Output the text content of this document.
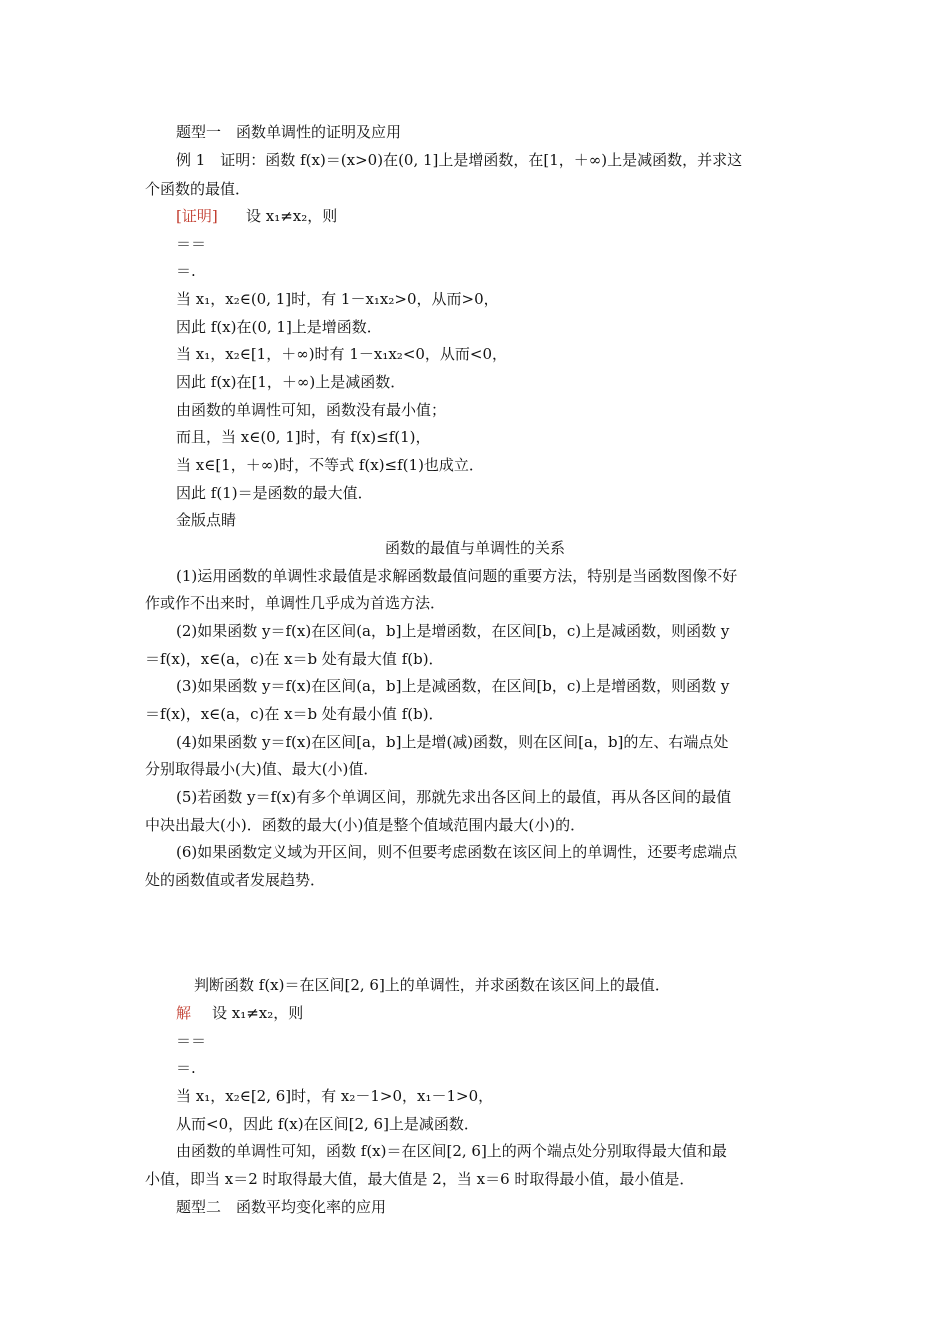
题型一　函数单调性的证明及应用
例 1　证明：函数 f(x)＝(x>0)在(0, 1]上是增函数，在[1，＋∞)上是减函数，并求这
个函数的最值．
[证明] 设 x₁≠x₂，则
＝＝
＝.
当 x₁，x₂∈(0, 1]时，有 1－x₁x₂>0，从而>0，
因此 f(x)在(0, 1]上是增函数．
当 x₁，x₂∈[1，＋∞)时有 1－x₁x₂<0，从而<0，
因此 f(x)在[1，＋∞)上是减函数．
由函数的单调性可知，函数没有最小值；
而且，当 x∈(0, 1]时，有 f(x)≤f(1)，
当 x∈[1，＋∞)时，不等式 f(x)≤f(1)也成立．
因此 f(1)＝是函数的最大值．
金版点睛
函数的最值与单调性的关系
(1)运用函数的单调性求最值是求解函数最值问题的重要方法，特别是当函数图像不好
作或作不出来时，单调性几乎成为首选方法．
(2)如果函数 y＝f(x)在区间(a，b]上是增函数，在区间[b，c)上是减函数，则函数 y
＝f(x)，x∈(a，c)在 x＝b 处有最大值 f(b)．
(3)如果函数 y＝f(x)在区间(a，b]上是减函数，在区间[b，c)上是增函数，则函数 y
＝f(x)，x∈(a，c)在 x＝b 处有最小值 f(b)．
(4)如果函数 y＝f(x)在区间[a，b]上是增(减)函数，则在区间[a，b]的左、右端点处
分别取得最小(大)值、最大(小)值．
(5)若函数 y＝f(x)有多个单调区间，那就先求出各区间上的最值，再从各区间的最值
中决出最大(小)．函数的最大(小)值是整个值域范围内最大(小)的．
(6)如果函数定义域为开区间，则不但要考虑函数在该区间上的单调性，还要考虑端点
处的函数值或者发展趋势．
判断函数 f(x)＝在区间[2, 6]上的单调性，并求函数在该区间上的最值．
解 设 x₁≠x₂，则
＝＝
＝.
当 x₁，x₂∈[2, 6]时，有 x₂－1>0，x₁－1>0，
从而<0，因此 f(x)在区间[2, 6]上是减函数．
由函数的单调性可知，函数 f(x)＝在区间[2, 6]上的两个端点处分别取得最大值和最
小值，即当 x＝2 时取得最大值，最大值是 2，当 x＝6 时取得最小值，最小值是．
题型二　函数平均变化率的应用
